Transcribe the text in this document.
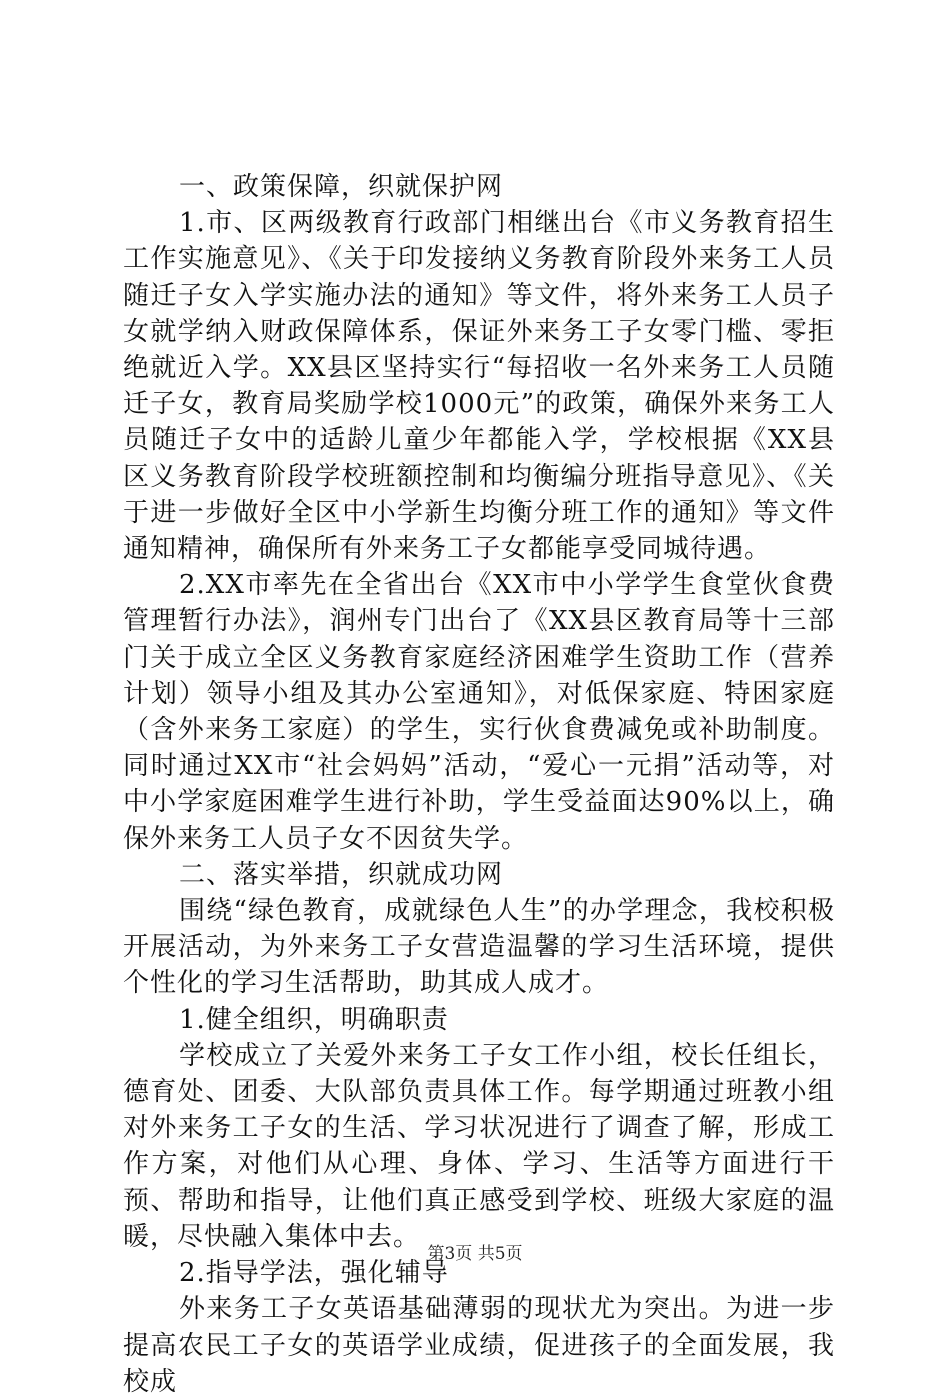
一、政策保障，织就保护网

1.市、区两级教育行政部门相继出台《市义务教育招生工作实施意见》、《关于印发接纳义务教育阶段外来务工人员随迁子女入学实施办法的通知》等文件，将外来务工人员子女就学纳入财政保障体系，保证外来务工子女零门槛、零拒绝就近入学。XX县区坚持实行“每招收一名外来务工人员随迁子女，教育局奖励学校1000元”的政策，确保外来务工人员随迁子女中的适龄儿童少年都能入学，学校根据《XX县区义务教育阶段学校班额控制和均衡编分班指导意见》、《关于进一步做好全区中小学新生均衡分班工作的通知》等文件通知精神，确保所有外来务工子女都能享受同城待遇。

2.XX市率先在全省出台《XX市中小学学生食堂伙食费管理暂行办法》，润州专门出台了《XX县区教育局等十三部门关于成立全区义务教育家庭经济困难学生资助工作（营养计划）领导小组及其办公室通知》，对低保家庭、特困家庭（含外来务工家庭）的学生，实行伙食费减免或补助制度。同时通过XX市“社会妈妈”活动，“爱心一元捐”活动等，对中小学家庭困难学生进行补助，学生受益面达90%以上，确保外来务工人员子女不因贫失学。

二、落实举措，织就成功网

围绕“绿色教育，成就绿色人生”的办学理念，我校积极开展活动，为外来务工子女营造温馨的学习生活环境，提供个性化的学习生活帮助，助其成人成才。

1.健全组织，明确职责

学校成立了关爱外来务工子女工作小组，校长任组长，德育处、团委、大队部负责具体工作。每学期通过班教小组对外来务工子女的生活、学习状况进行了调查了解，形成工作方案，对他们从心理、身体、学习、生活等方面进行干预、帮助和指导，让他们真正感受到学校、班级大家庭的温暖，尽快融入集体中去。

2.指导学法，强化辅导

外来务工子女英语基础薄弱的现状尤为突出。为进一步提高农民工子女的英语学业成绩，促进孩子的全面发展，我校成

第3页 共5页
